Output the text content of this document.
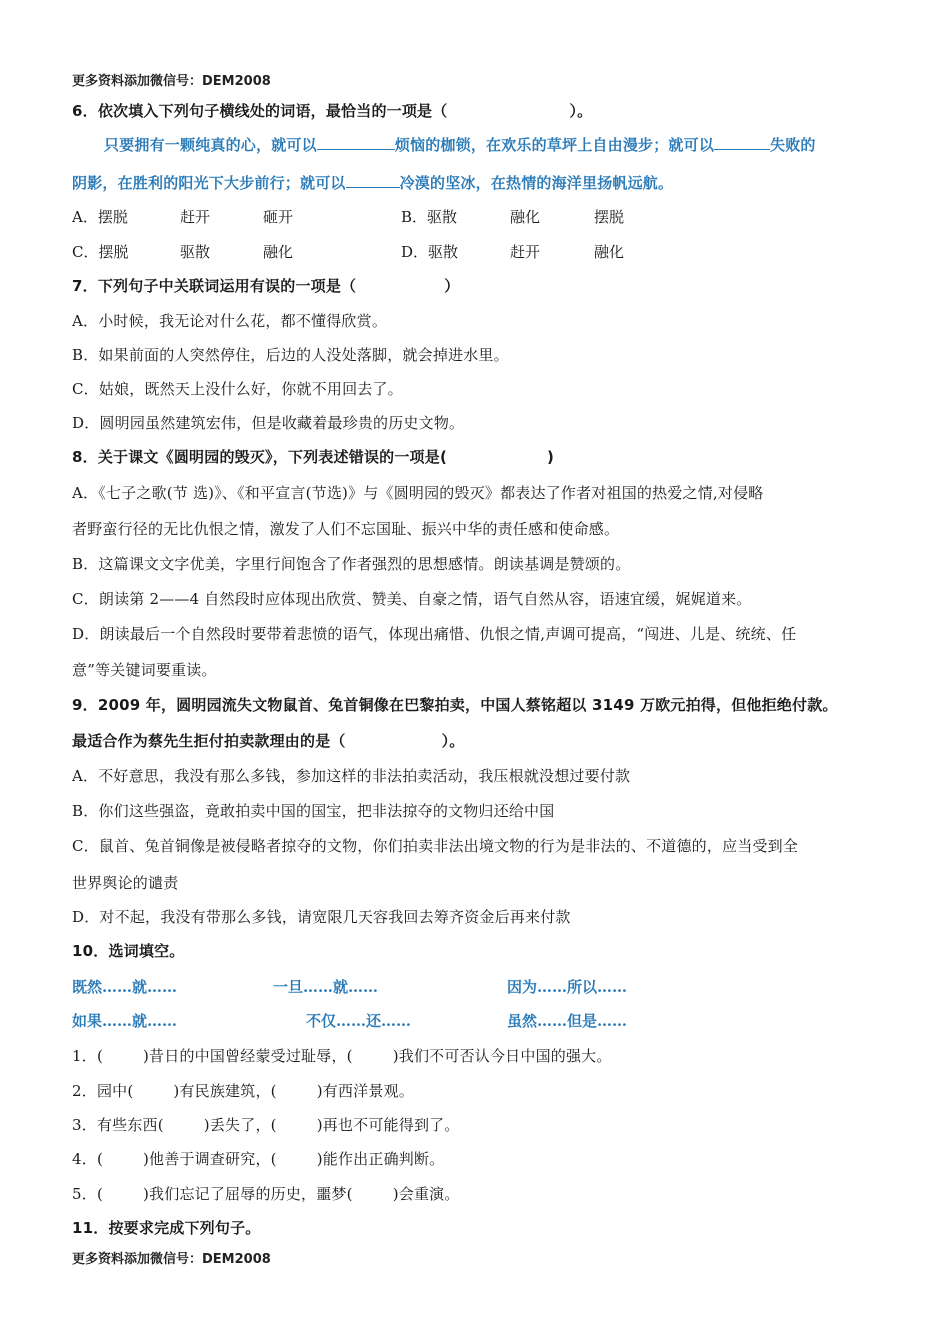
更多资料添加微信号：DEM2008
6．依次填入下列句子横线处的词语，最恰当的一项是（	）。
只要拥有一颗纯真的心，就可以	烦恼的枷锁，在欢乐的草坪上自由漫步；就可以	失败的
阴影，在胜利的阳光下大步前行；就可以	冷漠的坚冰，在热情的海洋里扬帆远航。
A．摆脱	赶开	砸开	B．驱散	融化	摆脱
C．摆脱	驱散	融化	D．驱散	赶开	融化
7．下列句子中关联词运用有误的一项是（	）
A．小时候，我无论对什么花，都不懂得欣赏。
B．如果前面的人突然停住，后边的人没处落脚，就会掉进水里。
C．姑娘，既然天上没什么好，你就不用回去了。
D．圆明园虽然建筑宏伟，但是收藏着最珍贵的历史文物。
8．关于课文《圆明园的毁灭》，下列表述错误的一项是(	)
A．《七子之歌(节 选)》、《和平宣言(节选)》与《圆明园的毁灭》都表达了作者对祖国的热爱之情,对侵略
者野蛮行径的无比仇恨之情，激发了人们不忘国耻、振兴中华的责任感和使命感。
B．这篇课文文字优美，字里行间饱含了作者强烈的思想感情。朗读基调是赞颂的。
C．朗读第 2——4 自然段时应体现出欣赏、赞美、自豪之情，语气自然从容，语速宜缓，娓娓道来。
D．朗读最后一个自然段时要带着悲愤的语气，体现出痛惜、仇恨之情,声调可提高，“闯进、儿是、统统、任
意”等关键词要重读。
9．2009 年，圆明园流失文物鼠首、兔首铜像在巴黎拍卖，中国人蔡铭超以 3149 万欧元拍得，但他拒绝付款。
最适合作为蔡先生拒付拍卖款理由的是（	）。
A．不好意思，我没有那么多钱，参加这样的非法拍卖活动，我压根就没想过要付款
B．你们这些强盗，竟敢拍卖中国的国宝，把非法掠夺的文物归还给中国
C．鼠首、兔首铜像是被侵略者掠夺的文物，你们拍卖非法出境文物的行为是非法的、不道德的，应当受到全
世界舆论的谴责
D．对不起，我没有带那么多钱，请宽限几天容我回去筹齐资金后再来付款
10．选词填空。
既然……就……	一旦……就……	因为……所以……
如果……就……	不仅……还……	虽然……但是……
1．(	)昔日的中国曾经蒙受过耻辱，(	)我们不可否认今日中国的强大。
2．园中(	)有民族建筑，(	)有西洋景观。
3．有些东西(	)丢失了，(	)再也不可能得到了。
4．(	)他善于调查研究，(	)能作出正确判断。
5．(	)我们忘记了屈辱的历史，噩梦(	)会重演。
11．按要求完成下列句子。
更多资料添加微信号：DEM2008
